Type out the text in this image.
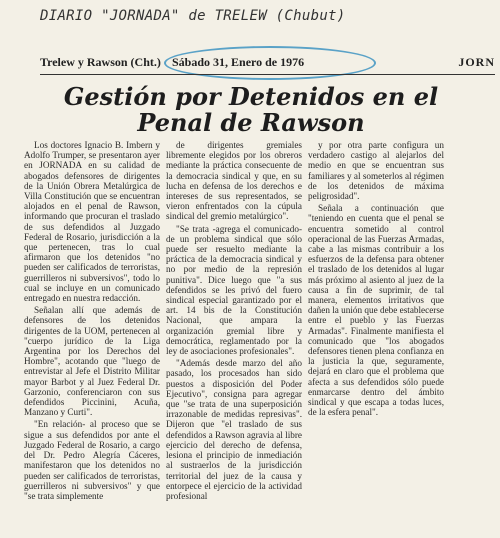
DIARIO "JORNADA" de TRELEW (Chubut)
Trelew y Rawson (Cht.) Sábado 31, Enero de 1976	JORN
Gestión por Detenidos en el Penal de Rawson

Los doctores Ignacio B. Imbern y Adolfo Trumper, se presentaron ayer en JORNADA en su calidad de abogados defensores de dirigentes de la Unión Obrera Metalúrgica de Villa Constitución que se encuentran alojados en el penal de Rawson, informando que procuran el traslado de sus defendidos al Juzgado Federal de Rosario, jurisdicción a la que pertenecen, tras lo cual afirmaron que los detenidos "no pueden ser calificados de terroristas, guerrilleros ni subversivos", todo lo cual se incluye en un comunicado entregado en nuestra redacción.

Señalan allí que además de defensores de los detenidos dirigentes de la UOM, pertenecen al "cuerpo jurídico de la Liga Argentina por los Derechos del Hombre", acotando que "luego de entrevistar al Jefe el Distrito Militar mayor Barbot y al Juez Federal Dr. Garzonio, conferenciaron con sus defendidos Piccinini, Acuña, Manzano y Curti".

"En relación- al proceso que se sigue a sus defendidos por ante el Juzgado Federal de Rosario, a cargo del Dr. Pedro Alegría Cáceres, manifestaron que los detenidos no pueden ser calificados de terroristas, guerrilleros ni subversivos" y que "se trata simplemente

de dirigentes gremiales libremente elegidos por los obreros mediante la práctica consecuente de la democracia sindical y que, en su lucha en defensa de los derechos e intereses de sus representados, se vieron enfrentados con la cúpula sindical del gremio metalúrgico".

"Se trata -agrega el comunicado- de un problema sindical que sólo puede ser resuelto mediante la práctica de la democracia sindical y no por medio de la represión punitiva". Dice luego que "a sus defendidos se les privó del fuero sindical especial garantizado por el art. 14 bis de la Constitución Nacional, que ampara la organización gremial libre y democrática, reglamentado por la ley de asociaciones profesionales".

"Además desde marzo del año pasado, los procesados han sido puestos a disposición del Poder Ejecutivo", consigna para agregar que "se trata de una superposición irrazonable de medidas represivas". Dijeron que "el traslado de sus defendidos a Rawson agravia al libre ejercicio del derecho de defensa, lesiona el principio de inmediación al sustraerlos de la jurisdicción territorial del juez de la causa y entorpece el ejercicio de la actividad profesional

y por otra parte configura un verdadero castigo al alejarlos del medio en que se encuentran sus familiares y al someterlos al régimen de los detenidos de máxima peligrosidad".

Señala a continuación que "teniendo en cuenta que el penal se encuentra sometido al control operacional de las Fuerzas Armadas, cabe a las mismas contribuir a los esfuerzos de la defensa para obtener el traslado de los detenidos al lugar más próximo al asiento al juez de la causa a fin de suprimir, de tal manera, elementos irritativos que dañen la unión que debe establecerse entre el pueblo y las Fuerzas Armadas". Finalmente manifiesta el comunicado que "los abogados defensores tienen plena confianza en la justicia la que, seguramente, dejará en claro que el problema que afecta a sus defendidos sólo puede enmarcarse dentro del ámbito sindical y que escapa a todas luces, de la esfera penal".
